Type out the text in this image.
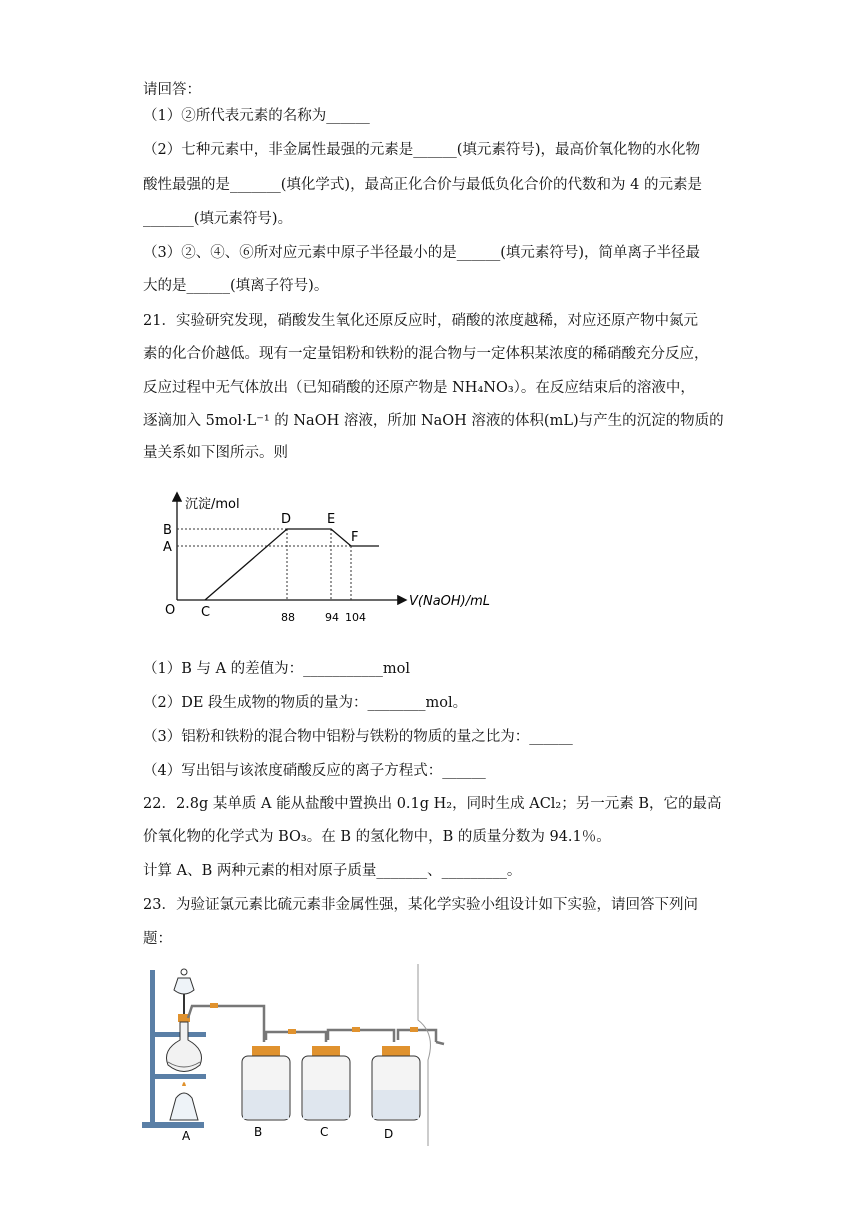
请回答：
（1）②所代表元素的名称为______
（2）七种元素中，非金属性最强的元素是______(填元素符号)，最高价氧化物的水化物
酸性最强的是_______(填化学式)，最高正化合价与最低负化合价的代数和为 4 的元素是
_______(填元素符号)。
（3）②、④、⑥所对应元素中原子半径最小的是______(填元素符号)，简单离子半径最
大的是______(填离子符号)。
21．实验研究发现，硝酸发生氧化还原反应时，硝酸的浓度越稀，对应还原产物中氮元
素的化合价越低。现有一定量铝粉和铁粉的混合物与一定体积某浓度的稀硝酸充分反应，
反应过程中无气体放出（已知硝酸的还原产物是 NH₄NO₃）。在反应结束后的溶液中，
逐滴加入 5mol·L⁻¹ 的 NaOH 溶液，所加 NaOH 溶液的体积(mL)与产生的沉淀的物质的
量关系如下图所示。则
沉淀/mol
B
A
O C
D	E
F
88	94 104
V(NaOH)/mL
（1）B 与 A 的差值为：___________mol
（2）DE 段生成物的物质的量为：________mol。
（3）铝粉和铁粉的混合物中铝粉与铁粉的物质的量之比为：______
（4）写出铝与该浓度硝酸反应的离子方程式：______
22．2.8g 某单质 A 能从盐酸中置换出 0.1g H₂，同时生成 ACl₂；另一元素 B，它的最高
价氧化物的化学式为 BO₃。在 B 的氢化物中，B 的质量分数为 94.1％。
计算 A、B 两种元素的相对原子质量_______、_________。
23．为验证氯元素比硫元素非金属性强，某化学实验小组设计如下实验，请回答下列问
题：
A	B	C	D
